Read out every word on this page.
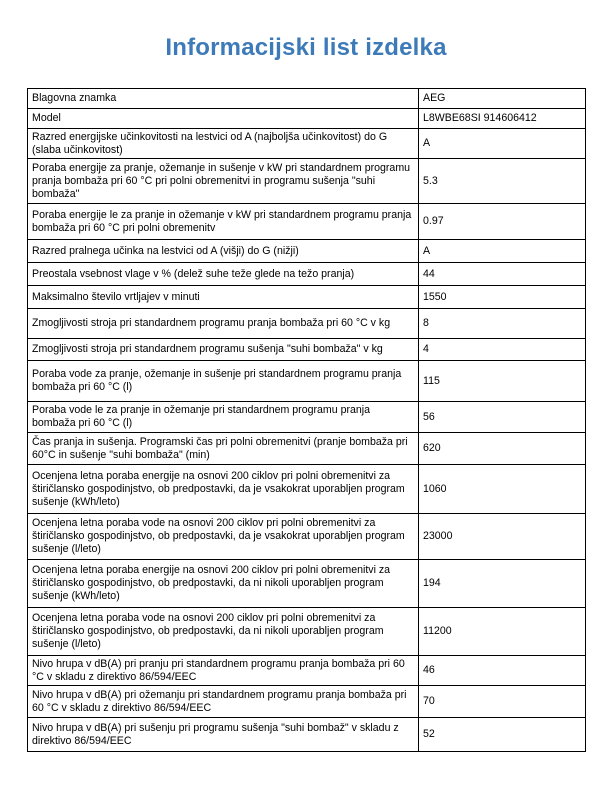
Informacijski list izdelka
Blagovna znamka	AEG
Model	L8WBE68SI 914606412
Razred energijske učinkovitosti na lestvici od A (najboljša učinkovitost) do G (slaba učinkovitost)	A
Poraba energije za pranje, ožemanje in sušenje v kW pri standardnem programu pranja bombaža pri 60 °C pri polni obremenitvi in programu sušenja "suhi bombaža"	5.3
Poraba energije le za pranje in ožemanje v kW pri standardnem programu pranja bombaža pri 60 °C pri polni obremenitv	0.97
Razred pralnega učinka na lestvici od A (višji) do G (nižji)	A
Preostala vsebnost vlage v % (delež suhe teže glede na težo pranja)	44
Maksimalno število vrtljajev v minuti	1550
Zmogljivosti stroja pri standardnem programu pranja bombaža pri 60 °C v kg	8
Zmogljivosti stroja pri standardnem programu sušenja "suhi bombaža" v kg	4
Poraba vode za pranje, ožemanje in sušenje pri standardnem programu pranja bombaža pri 60 °C (l)	115
Poraba vode le za pranje in ožemanje pri standardnem programu pranja bombaža pri 60 °C (l)	56
Čas pranja in sušenja. Programski čas pri polni obremenitvi (pranje bombaža pri 60°C in sušenje "suhi bombaža" (min)	620
Ocenjena letna poraba energije na osnovi 200 ciklov pri polni obremenitvi za štiričlansko gospodinjstvo, ob predpostavki, da je vsakokrat uporabljen program sušenje (kWh/leto)	1060
Ocenjena letna poraba vode na osnovi 200 ciklov pri polni obremenitvi za štiričlansko gospodinjstvo, ob predpostavki, da je vsakokrat uporabljen program sušenje (l/leto)	23000
Ocenjena letna poraba energije na osnovi 200 ciklov pri polni obremenitvi za štiričlansko gospodinjstvo, ob predpostavki, da ni nikoli uporabljen program sušenje (kWh/leto)	194
Ocenjena letna poraba vode na osnovi 200 ciklov pri polni obremenitvi za štiričlansko gospodinjstvo, ob predpostavki, da ni nikoli uporabljen program sušenje (l/leto)	11200
Nivo hrupa v dB(A) pri pranju pri standardnem programu pranja bombaža pri 60 °C v skladu z direktivo 86/594/EEC	46
Nivo hrupa v dB(A) pri ožemanju pri standardnem programu pranja bombaža pri 60 °C v skladu z direktivo 86/594/EEC	70
Nivo hrupa v dB(A) pri sušenju pri programu sušenja "suhi bombaž" v skladu z direktivo 86/594/EEC	52
